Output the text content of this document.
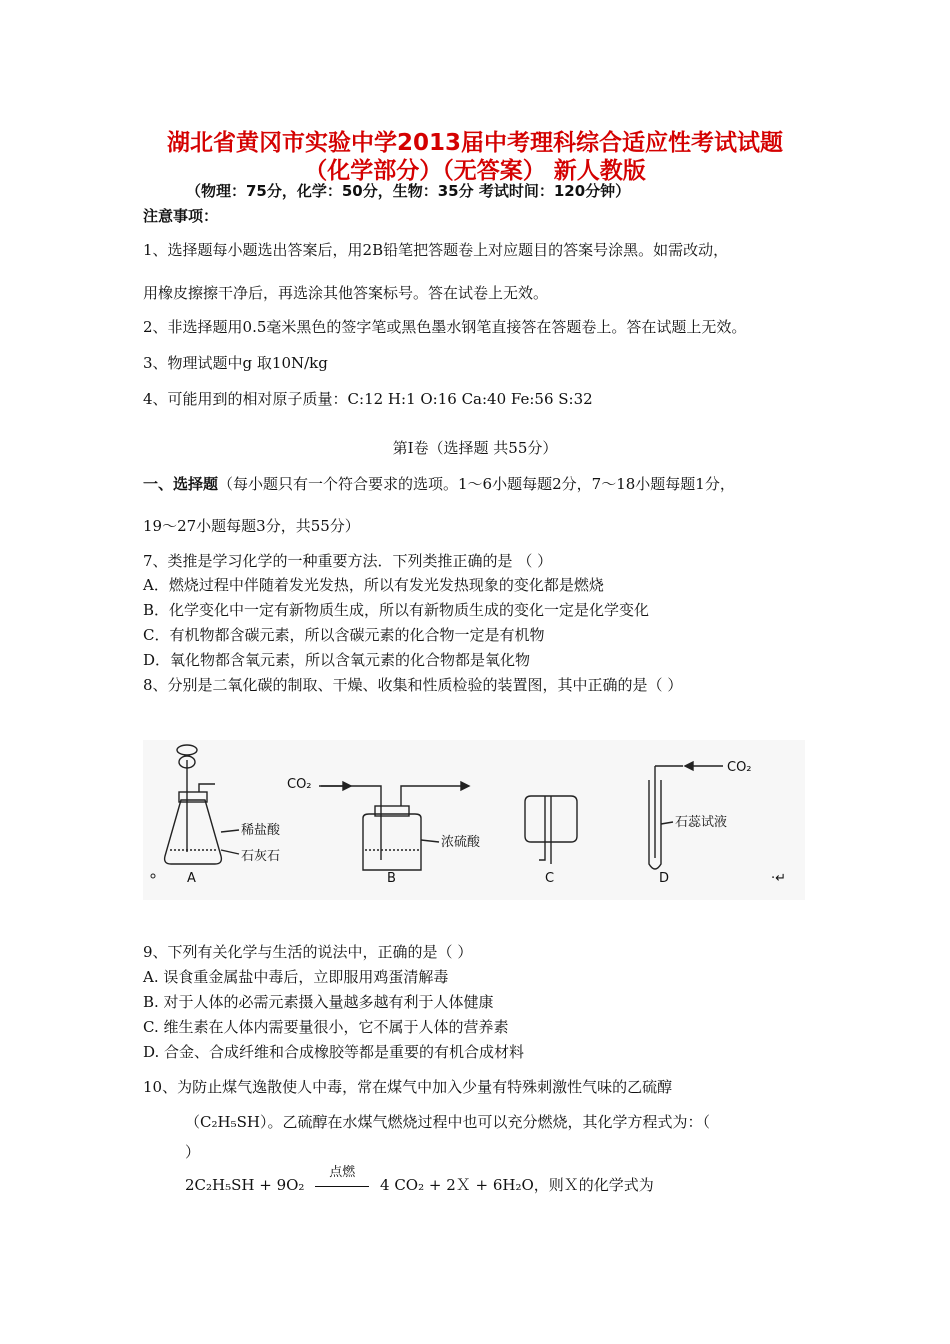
湖北省黄冈市实验中学2013届中考理科综合适应性考试试题
（化学部分）（无答案） 新人教版
（物理：75分，化学：50分，生物：35分 考试时间：120分钟）
注意事项：
1、选择题每小题选出答案后，用2B铅笔把答题卷上对应题目的答案号涂黑。如需改动，
用橡皮擦擦干净后，再选涂其他答案标号。答在试卷上无效。
2、非选择题用0.5毫米黑色的签字笔或黑色墨水钢笔直接答在答题卷上。答在试题上无效。
3、物理试题中g 取10N/kg
4、可能用到的相对原子质量：C:12 H:1 O:16 Ca:40 Fe:56 S:32
第Ⅰ卷（选择题 共55分）
一、选择题（每小题只有一个符合要求的选项。1～6小题每题2分，7～18小题每题1分，
19～27小题每题3分，共55分）
7、类推是学习化学的一种重要方法．下列类推正确的是 （ ）
A．燃烧过程中伴随着发光发热，所以有发光发热现象的变化都是燃烧
B．化学变化中一定有新物质生成，所以有新物质生成的变化一定是化学变化
C．有机物都含碳元素，所以含碳元素的化合物一定是有机物
D．氧化物都含氧元素，所以含氧元素的化合物都是氧化物
8、分别是二氧化碳的制取、干燥、收集和性质检验的装置图，其中正确的是（ ）
CO₂
CO₂
稀盐酸
石灰石
浓硫酸
石蕊试液
A	B	C	D	·↵
9、下列有关化学与生活的说法中，正确的是（ ）
A. 误食重金属盐中毒后，立即服用鸡蛋清解毒
B. 对于人体的必需元素摄入量越多越有利于人体健康
C. 维生素在人体内需要量很小，它不属于人体的营养素
D. 合金、合成纤维和合成橡胶等都是重要的有机合成材料
10、为防止煤气逸散使人中毒，常在煤气中加入少量有特殊刺激性气味的乙硫醇
（C₂H₅SH）。乙硫醇在水煤气燃烧过程中也可以充分燃烧，其化学方程式为：（
）
2C₂H₅SH + 9O₂
点燃
4 CO₂ + 2Ｘ + 6H₂O，则Ｘ的化学式为
